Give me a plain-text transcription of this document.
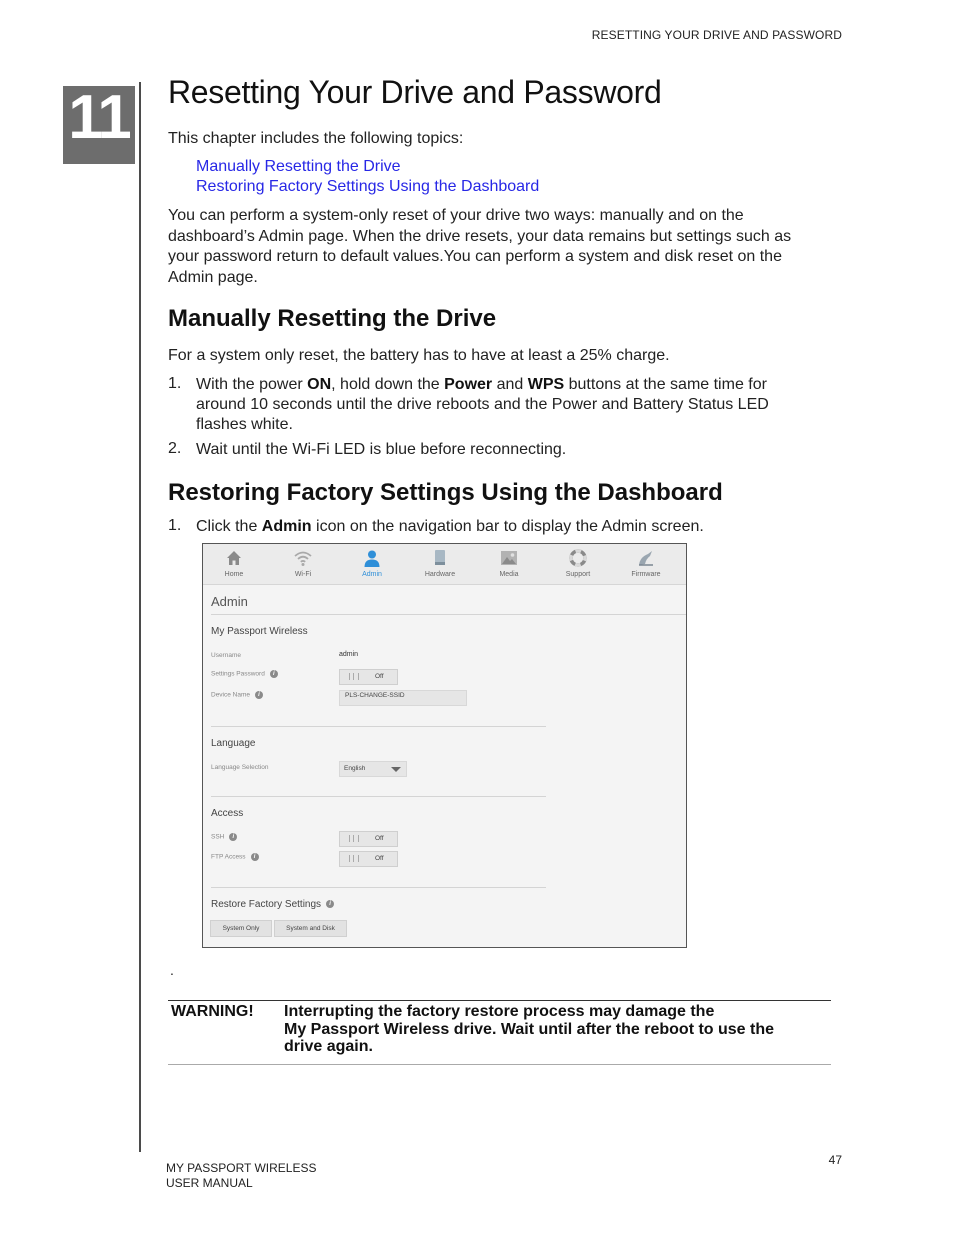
RESETTING YOUR DRIVE AND PASSWORD
11 Resetting Your Drive and Password

This chapter includes the following topics:

Manually Resetting the Drive
Restoring Factory Settings Using the Dashboard
You can perform a system-only reset of your drive two ways: manually and on the
dashboard’s Admin page. When the drive resets, your data remains but settings such as
your password return to default values.You can perform a system and disk reset on the
Admin page.
Manually Resetting the Drive

For a system only reset, the battery has to have at least a 25% charge.

1. With the power ON, hold down the Power and WPS buttons at the same time for
around 10 seconds until the drive reboots and the Power and Battery Status LED
flashes white.
2. Wait until the Wi-Fi LED is blue before reconnecting.
Restoring Factory Settings Using the Dashboard
1. Click the Admin icon on the navigation bar to display the Admin screen.
Home	Wi-Fi	Admin	Hardware	Media	Support	Firmware
Admin
My Passport Wireless
Username	admin
Settings Password i	Off
Device Name i	PLS-CHANGE-SSID
Language
Language Selection	English
Access
SSH i	Off
FTP Access i	Off
Restore Factory Settings i
System Only	System and Disk
.
WARNING! Interrupting the factory restore process may damage the
My Passport Wireless drive. Wait until after the reboot to use the
drive again.
47
MY PASSPORT WIRELESS
USER MANUAL
